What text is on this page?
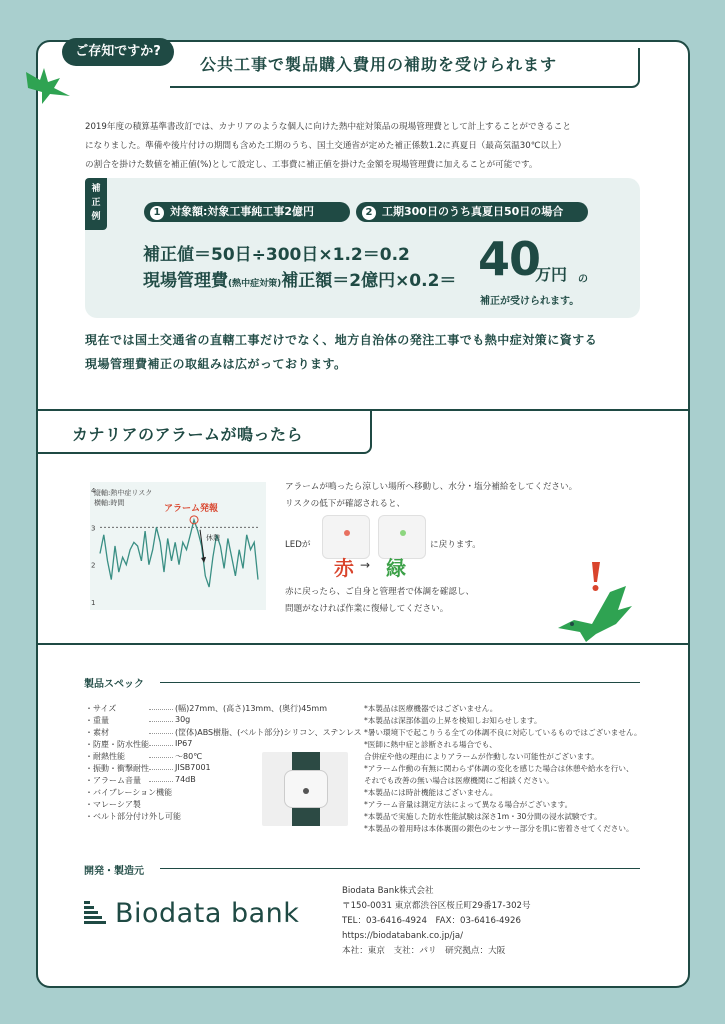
ご存知ですか?
公共工事で製品購入費用の補助を受けられます
2019年度の積算基準書改訂では、カナリアのような個人に向けた熱中症対策品の現場管理費として計上することができること
になりました。準備や後片付けの期間も含めた工期のうち、国土交通省が定めた補正係数1.2に真夏日（最高気温30℃以上）
の割合を掛けた数値を補正値(%)として設定し、工事費に補正値を掛けた金額を現場管理費に加えることが可能です。
補
正
例	1 対象額:対象工事純工事2億円	2 工期300日のうち真夏日50日の場合
補正値＝50日÷300日×1.2＝0.2
現場管理費(熱中症対策)補正額＝2億円×0.2＝ 40
万円 の
補正が受けられます。
現在では国土交通省の直轄工事だけでなく、地方自治体の発注工事でも熱中症対策に資する
現場管理費補正の取組みは広がっております。
カナリアのアラームが鳴ったら
1
2
3
4
アラーム発報
休憩
縦軸:熱中症リスク
横軸:時間
アラームが鳴ったら涼しい場所へ移動し、水分・塩分補給をしてください。
リスクの低下が確認されると、
LEDが
赤 → 緑
に戻ります。
赤に戻ったら、ご自身と管理者で体調を確認し、
問題がなければ作業に復帰してください。
製品スペック
・サイズ	(幅)27mm、(高さ)13mm、(奥行)45mm
・重量	30g
・素材	(筐体)ABS樹脂、(ベルト部分)シリコン、ステンレス
・防塵・防水性能	IP67
・耐熱性能	～80℃
・振動・衝撃耐性	JISB7001
・アラーム音量	74dB
・バイブレーション機能
・マレーシア製
・ベルト部分付け外し可能
*本製品は医療機器ではございません。
*本製品は深部体温の上昇を検知しお知らせします。
*暑い環境下で起こりうる全ての体調不良に対応しているものではございません。
*医師に熱中症と診断される場合でも、
合併症や他の理由によりアラームが作動しない可能性がございます。
*アラーム作動の有無に関わらず体調の変化を感じた場合は休憩や給水を行い、
それでも改善の無い場合は医療機関にご相談ください。
*本製品には時計機能はございません。
*アラーム音量は測定方法によって異なる場合がございます。
*本製品で実施した防水性能試験は深さ1m・30分間の浸水試験です。
*本製品の着用時は本体裏面の銀色のセンサー部分を肌に密着させてください。
開発・製造元
Biodata bank
Biodata Bank株式会社
〒150-0031 東京都渋谷区桜丘町29番17-302号
TEL：03-6416-4924　FAX：03-6416-4926
https://biodatabank.co.jp/ja/
本社：東京　支社：パリ　研究拠点：大阪
